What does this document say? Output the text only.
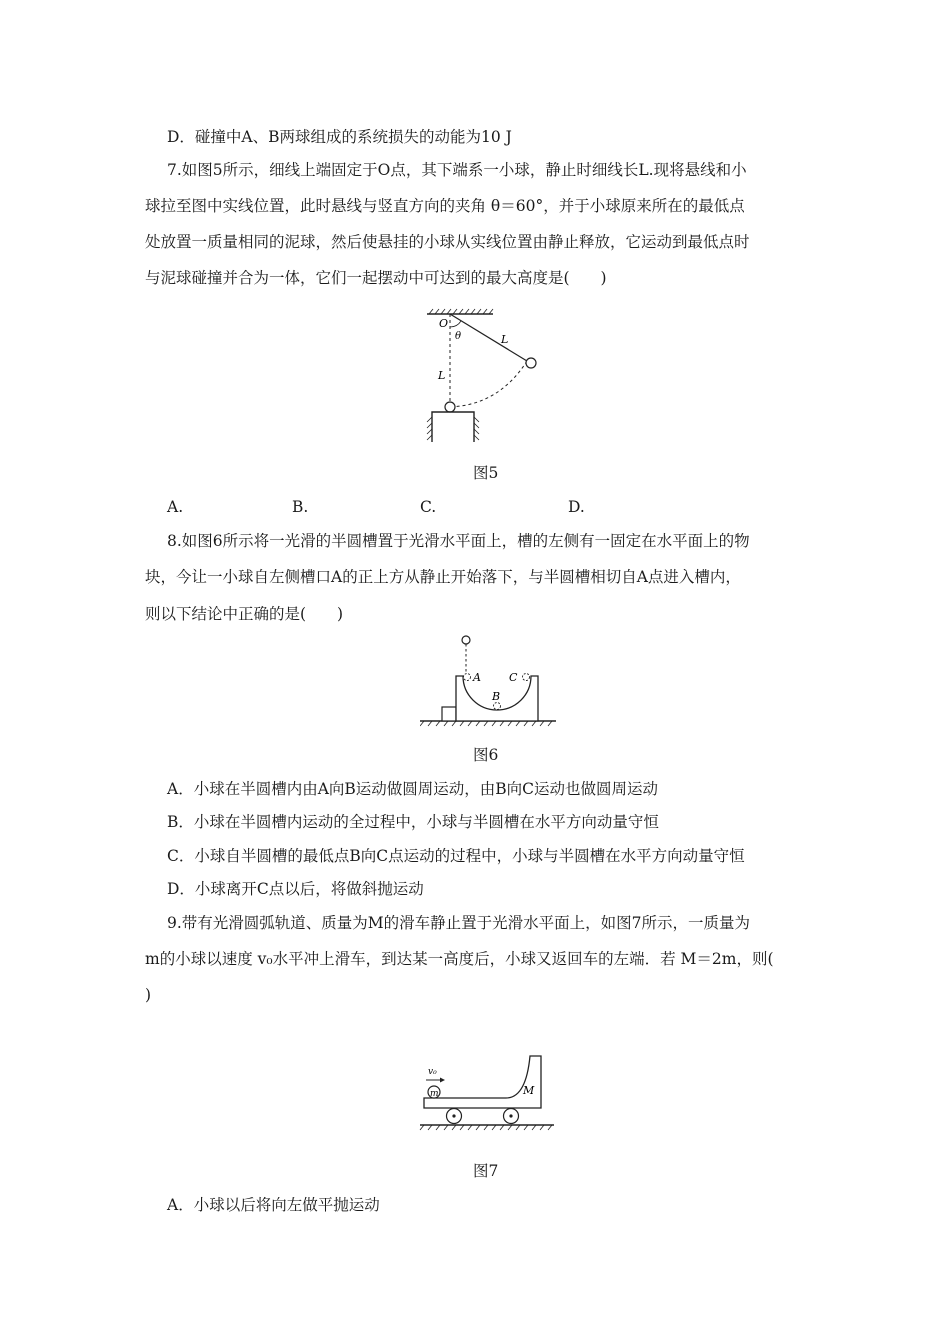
D．碰撞中A、B两球组成的系统损失的动能为10 J
7.如图5所示，细线上端固定于O点，其下端系一小球，静止时细线长L.现将悬线和小
球拉至图中实线位置，此时悬线与竖直方向的夹角 θ＝60°，并于小球原来所在的最低点
处放置一质量相同的泥球，然后使悬挂的小球从实线位置由静止释放，它运动到最低点时
与泥球碰撞并合为一体，它们一起摆动中可达到的最大高度是(　　)
O
θ	L
L
图5
A.	B.	C.	D.
8.如图6所示将一光滑的半圆槽置于光滑水平面上，槽的左侧有一固定在水平面上的物
块，今让一小球自左侧槽口A的正上方从静止开始落下，与半圆槽相切自A点进入槽内，
则以下结论中正确的是(　　)
A
B
C
图6
A．小球在半圆槽内由A向B运动做圆周运动，由B向C运动也做圆周运动
B．小球在半圆槽内运动的全过程中，小球与半圆槽在水平方向动量守恒
C．小球自半圆槽的最低点B向C点运动的过程中，小球与半圆槽在水平方向动量守恒
D．小球离开C点以后，将做斜抛运动
9.带有光滑圆弧轨道、质量为M的滑车静止置于光滑水平面上，如图7所示，一质量为
m的小球以速度 v₀水平冲上滑车，到达某一高度后，小球又返回车的左端．若 M＝2m，则(
)
v₀
m	M
图7
A．小球以后将向左做平抛运动
